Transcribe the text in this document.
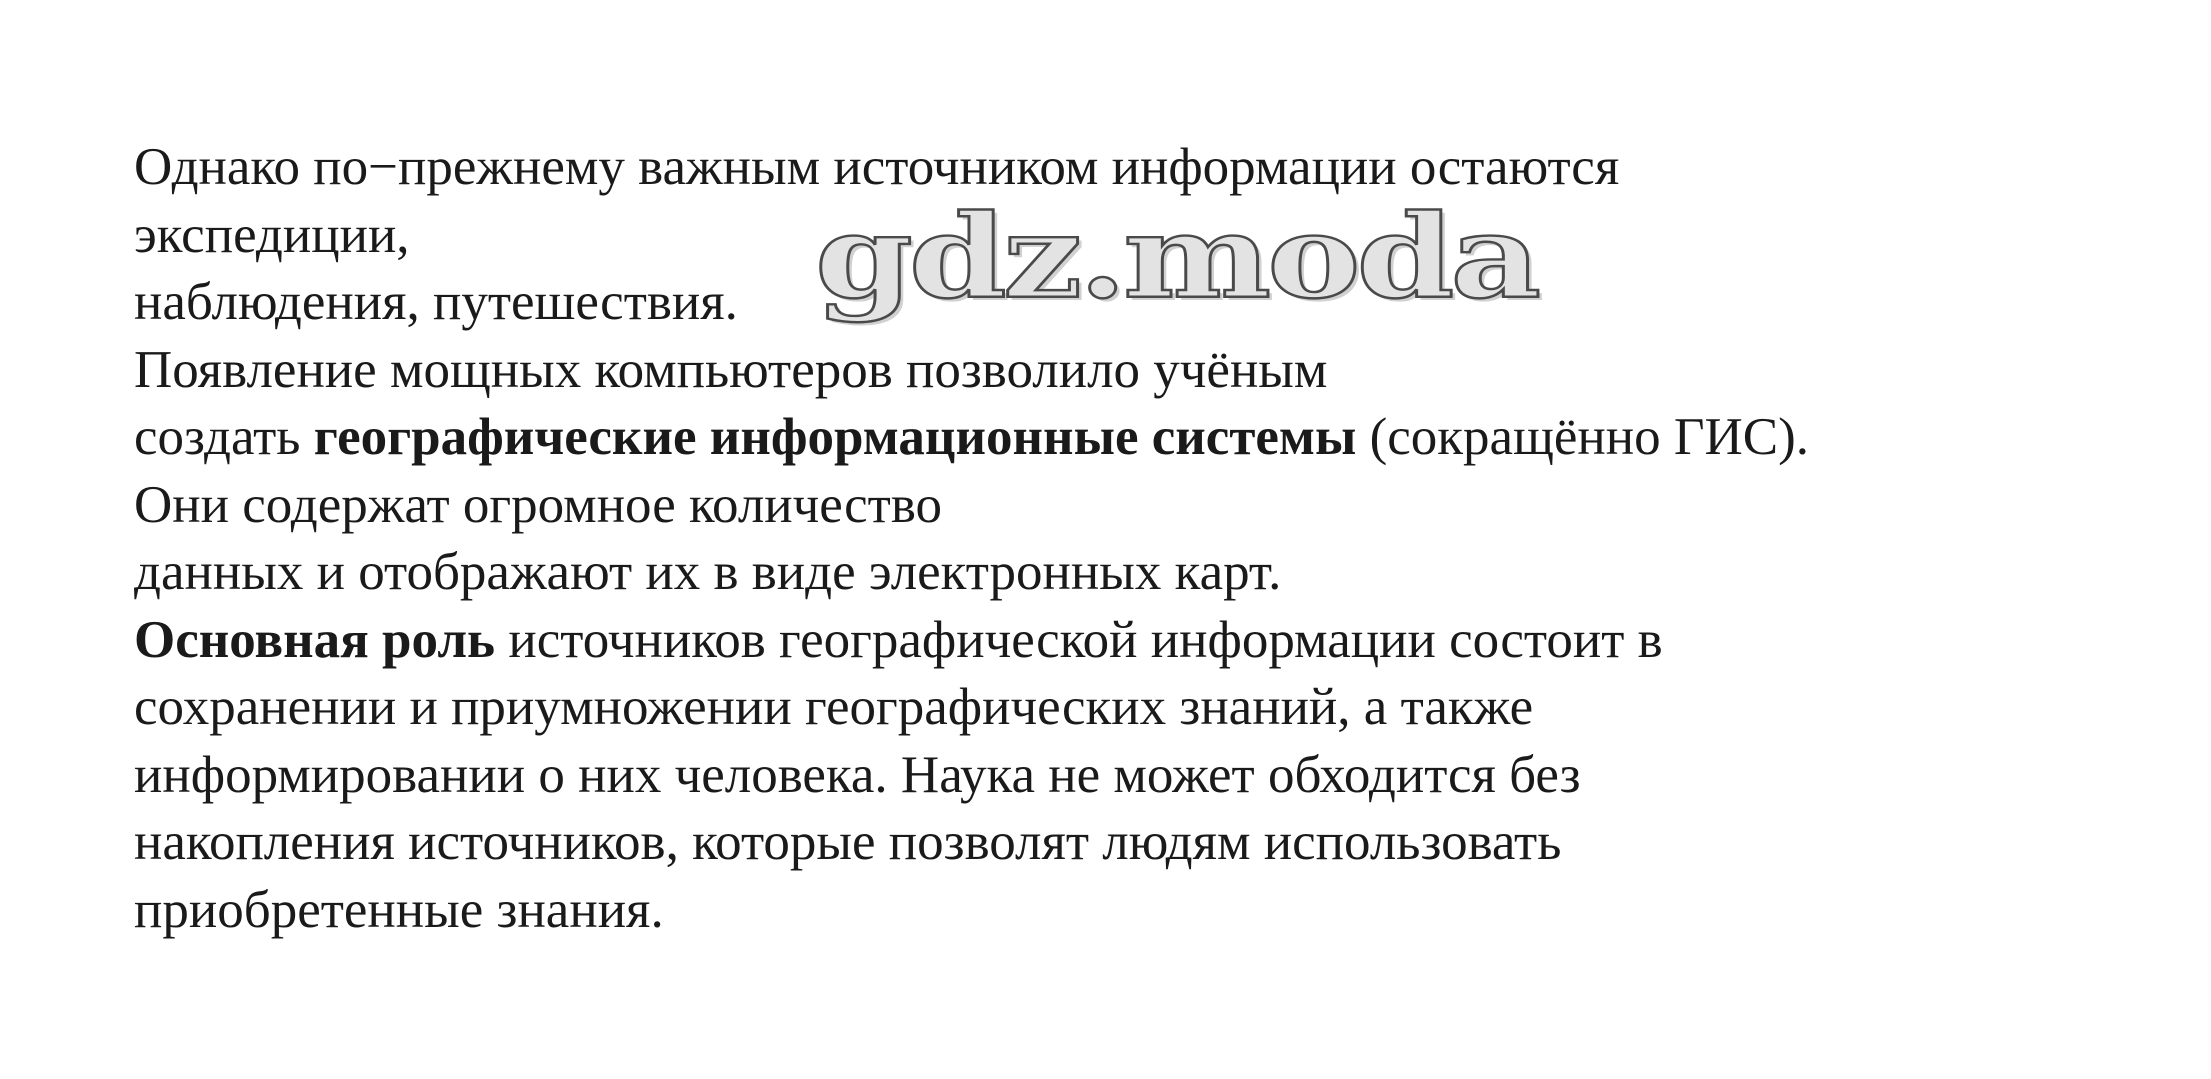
Однако по−прежнему важным источником информации остаются
экспедиции,
наблюдения, путешествия.
Появление мощных компьютеров позволило учёным
создать географические информационные системы (сокращённо ГИС).
Они содержат огромное количество
данных и отображают их в виде электронных карт.
Основная роль источников географической информации состоит в
сохранении и приумножении географических знаний, а также
информировании о них человека. Наука не может обходится без
накопления источников, которые позволят людям использовать
приобретенные знания.
gdz.moda
